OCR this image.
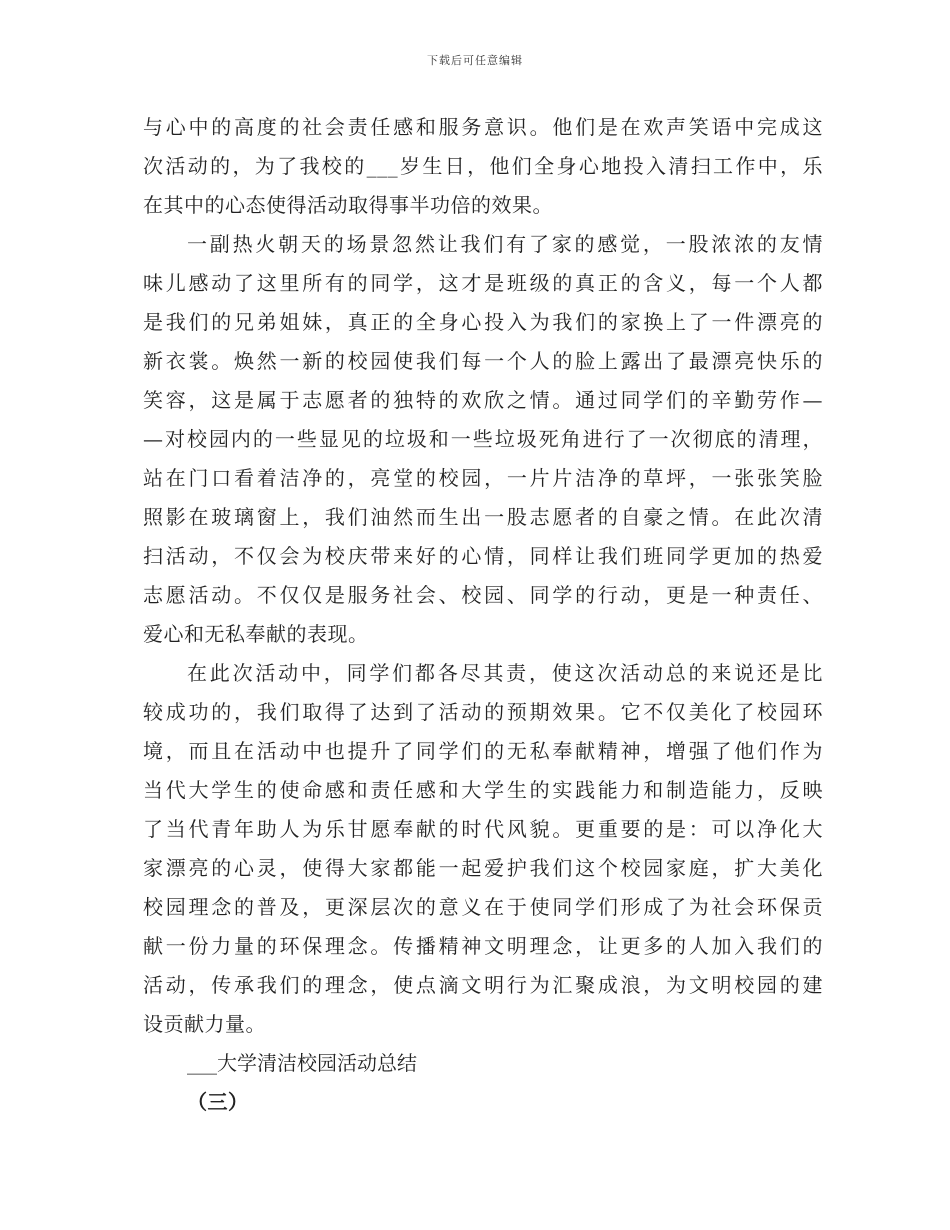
下载后可任意编辑
与心中的高度的社会责任感和服务意识。他们是在欢声笑语中完成这
次活动的，为了我校的___岁生日，他们全身心地投入清扫工作中，乐
在其中的心态使得活动取得事半功倍的效果。
一副热火朝天的场景忽然让我们有了家的感觉，一股浓浓的友情
味儿感动了这里所有的同学，这才是班级的真正的含义，每一个人都
是我们的兄弟姐妹，真正的全身心投入为我们的家换上了一件漂亮的
新衣裳。焕然一新的校园使我们每一个人的脸上露出了最漂亮快乐的
笑容，这是属于志愿者的独特的欢欣之情。通过同学们的辛勤劳作—
—对校园内的一些显见的垃圾和一些垃圾死角进行了一次彻底的清理，
站在门口看着洁净的，亮堂的校园，一片片洁净的草坪，一张张笑脸
照影在玻璃窗上，我们油然而生出一股志愿者的自豪之情。在此次清
扫活动，不仅会为校庆带来好的心情，同样让我们班同学更加的热爱
志愿活动。不仅仅是服务社会、校园、同学的行动，更是一种责任、
爱心和无私奉献的表现。
在此次活动中，同学们都各尽其责，使这次活动总的来说还是比
较成功的，我们取得了达到了活动的预期效果。它不仅美化了校园环
境，而且在活动中也提升了同学们的无私奉献精神，增强了他们作为
当代大学生的使命感和责任感和大学生的实践能力和制造能力，反映
了当代青年助人为乐甘愿奉献的时代风貌。更重要的是：可以净化大
家漂亮的心灵，使得大家都能一起爱护我们这个校园家庭，扩大美化
校园理念的普及，更深层次的意义在于使同学们形成了为社会环保贡
献一份力量的环保理念。传播精神文明理念，让更多的人加入我们的
活动，传承我们的理念，使点滴文明行为汇聚成浪，为文明校园的建
设贡献力量。
___大学清洁校园活动总结
（三）
